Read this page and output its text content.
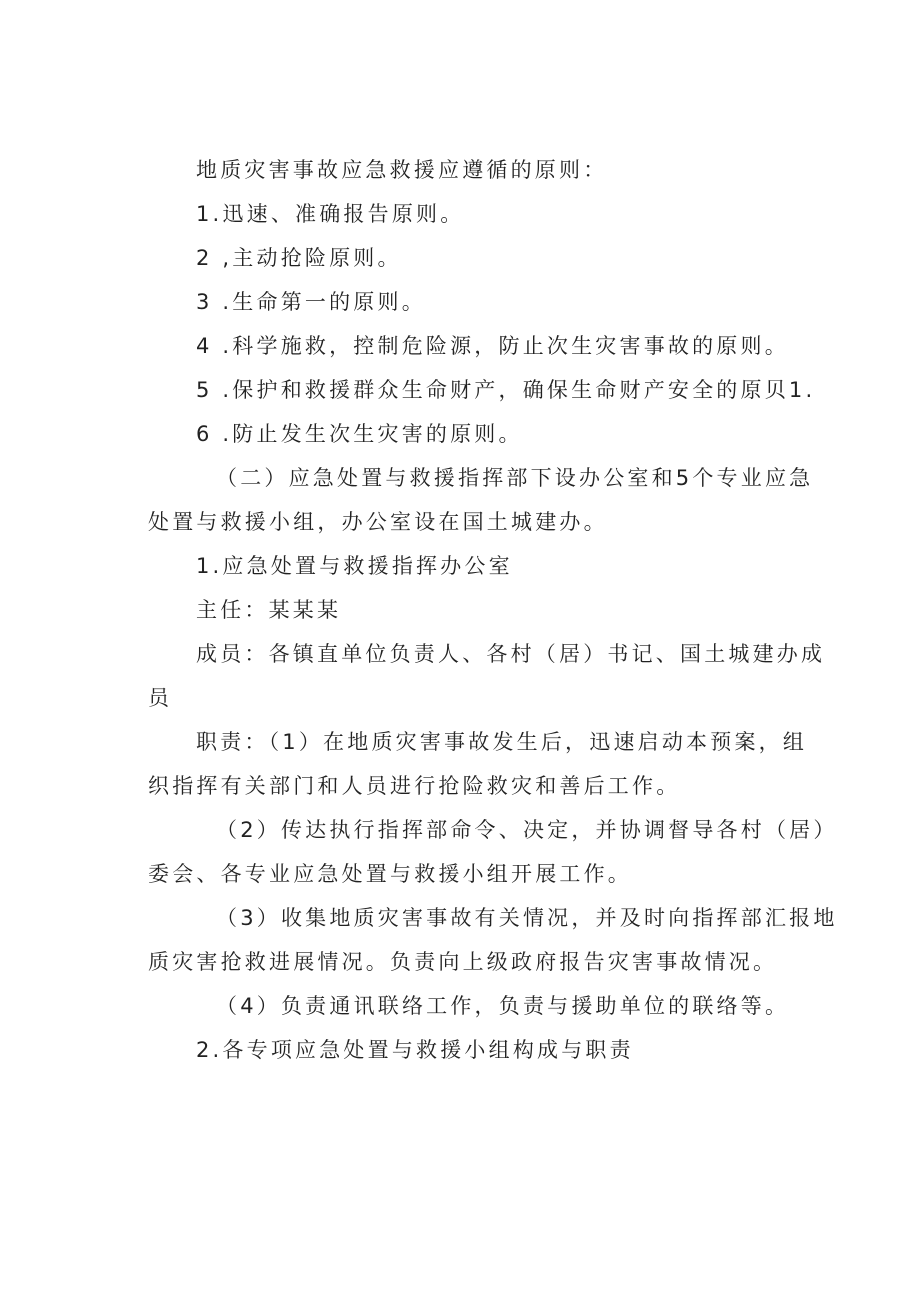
地质灾害事故应急救援应遵循的原则：
1.迅速、准确报告原则。
2 ,主动抢险原则。
3 .生命第一的原则。
4 .科学施救，控制危险源，防止次生灾害事故的原则。
5 .保护和救援群众生命财产，确保生命财产安全的原贝1.
6 .防止发生次生灾害的原则。
（二）应急处置与救援指挥部下设办公室和5个专业应急
处置与救援小组，办公室设在国土城建办。
1.应急处置与救援指挥办公室
主任：某某某
成员：各镇直单位负责人、各村（居）书记、国土城建办成
员
职责：（1）在地质灾害事故发生后，迅速启动本预案，组
织指挥有关部门和人员进行抢险救灾和善后工作。
（2）传达执行指挥部命令、决定，并协调督导各村（居）
委会、各专业应急处置与救援小组开展工作。
（3）收集地质灾害事故有关情况，并及时向指挥部汇报地
质灾害抢救进展情况。负责向上级政府报告灾害事故情况。
（4）负责通讯联络工作，负责与援助单位的联络等。
2.各专项应急处置与救援小组构成与职责
